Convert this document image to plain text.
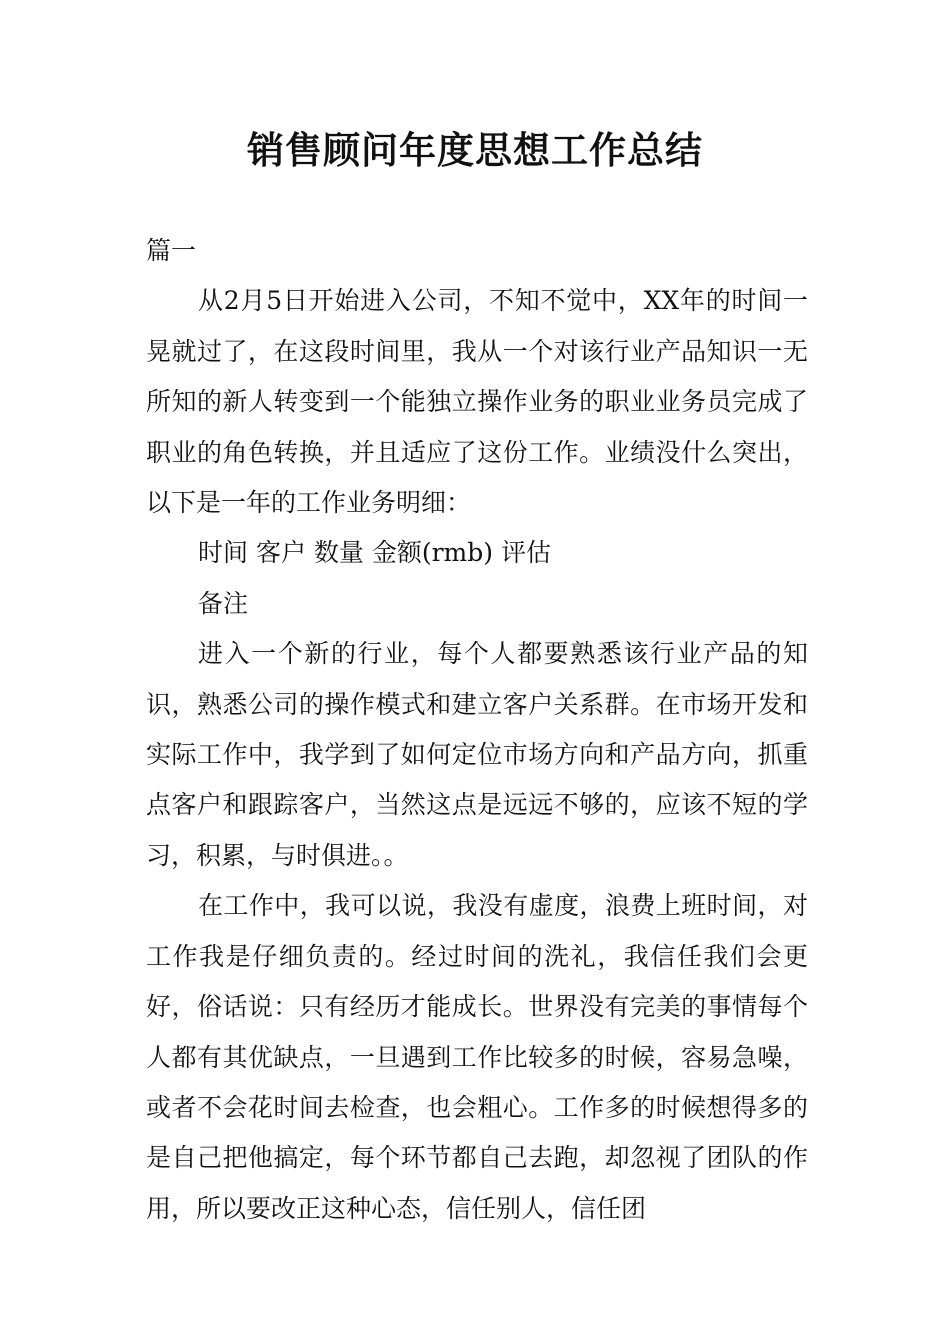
销售顾问年度思想工作总结

篇一

从2月5日开始进入公司，不知不觉中，XX年的时间一晃就过了，在这段时间里，我从一个对该行业产品知识一无所知的新人转变到一个能独立操作业务的职业业务员完成了职业的角色转换，并且适应了这份工作。业绩没什么突出，以下是一年的工作业务明细：

时间 客户 数量 金额(rmb) 评估

备注

进入一个新的行业，每个人都要熟悉该行业产品的知识，熟悉公司的操作模式和建立客户关系群。在市场开发和实际工作中，我学到了如何定位市场方向和产品方向，抓重点客户和跟踪客户，当然这点是远远不够的，应该不短的学习，积累，与时俱进。。

在工作中，我可以说，我没有虚度，浪费上班时间，对工作我是仔细负责的。经过时间的洗礼，我信任我们会更好，俗话说：只有经历才能成长。世界没有完美的事情每个人都有其优缺点，一旦遇到工作比较多的时候，容易急噪，或者不会花时间去检查，也会粗心。工作多的时候想得多的是自己把他搞定，每个环节都自己去跑，却忽视了团队的作用，所以要改正这种心态，信任别人，信任团
